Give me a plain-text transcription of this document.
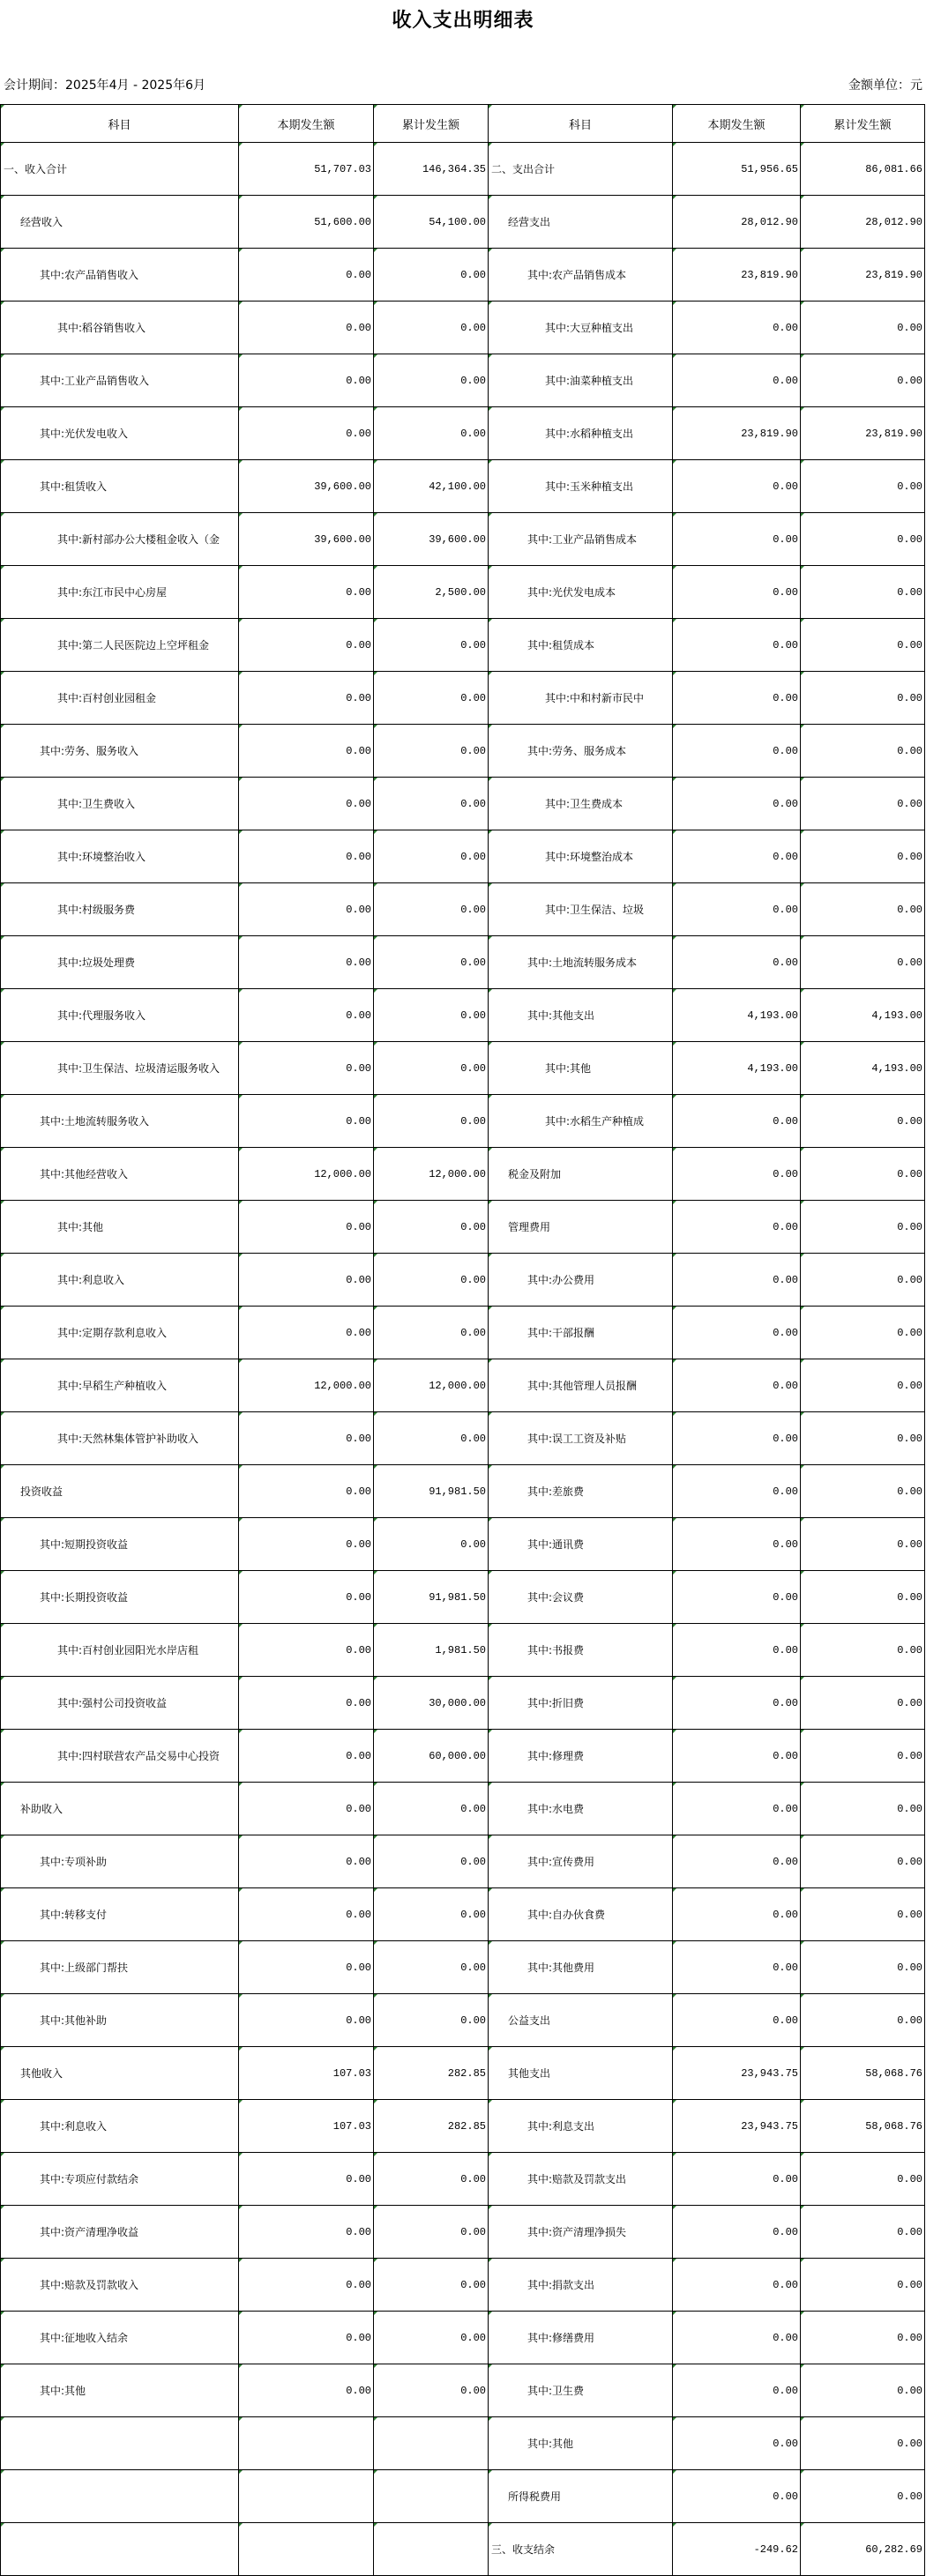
收入支出明细表
会计期间：2025年4月 - 2025年6月	金额单位：元
科目	本期发生额	累计发生额	科目	本期发生额	累计发生额
一、收入合计	51,707.03	146,364.35	二、支出合计	51,956.65	86,081.66
经营收入	51,600.00	54,100.00	经营支出	28,012.90	28,012.90
其中:农产品销售收入	0.00	0.00	其中:农产品销售成本	23,819.90	23,819.90
其中:稻谷销售收入	0.00	0.00	其中:大豆种植支出	0.00	0.00
其中:工业产品销售收入	0.00	0.00	其中:油菜种植支出	0.00	0.00
其中:光伏发电收入	0.00	0.00	其中:水稻种植支出	23,819.90	23,819.90
其中:租赁收入	39,600.00	42,100.00	其中:玉米种植支出	0.00	0.00
其中:新村部办公大楼租金收入（金	39,600.00	39,600.00	其中:工业产品销售成本	0.00	0.00
其中:东江市民中心房屋	0.00	2,500.00	其中:光伏发电成本	0.00	0.00
其中:第二人民医院边上空坪租金	0.00	0.00	其中:租赁成本	0.00	0.00
其中:百村创业园租金	0.00	0.00	其中:中和村新市民中	0.00	0.00
其中:劳务、服务收入	0.00	0.00	其中:劳务、服务成本	0.00	0.00
其中:卫生费收入	0.00	0.00	其中:卫生费成本	0.00	0.00
其中:环境整治收入	0.00	0.00	其中:环境整治成本	0.00	0.00
其中:村级服务费	0.00	0.00	其中:卫生保洁、垃圾	0.00	0.00
其中:垃圾处理费	0.00	0.00	其中:土地流转服务成本	0.00	0.00
其中:代理服务收入	0.00	0.00	其中:其他支出	4,193.00	4,193.00
其中:卫生保洁、垃圾清运服务收入	0.00	0.00	其中:其他	4,193.00	4,193.00
其中:土地流转服务收入	0.00	0.00	其中:水稻生产种植成	0.00	0.00
其中:其他经营收入	12,000.00	12,000.00	税金及附加	0.00	0.00
其中:其他	0.00	0.00	管理费用	0.00	0.00
其中:利息收入	0.00	0.00	其中:办公费用	0.00	0.00
其中:定期存款利息收入	0.00	0.00	其中:干部报酬	0.00	0.00
其中:早稻生产种植收入	12,000.00	12,000.00	其中:其他管理人员报酬	0.00	0.00
其中:天然林集体管护补助收入	0.00	0.00	其中:误工工资及补贴	0.00	0.00
投资收益	0.00	91,981.50	其中:差旅费	0.00	0.00
其中:短期投资收益	0.00	0.00	其中:通讯费	0.00	0.00
其中:长期投资收益	0.00	91,981.50	其中:会议费	0.00	0.00
其中:百村创业园阳光水岸店租	0.00	1,981.50	其中:书报费	0.00	0.00
其中:强村公司投资收益	0.00	30,000.00	其中:折旧费	0.00	0.00
其中:四村联营农产品交易中心投资	0.00	60,000.00	其中:修理费	0.00	0.00
补助收入	0.00	0.00	其中:水电费	0.00	0.00
其中:专项补助	0.00	0.00	其中:宣传费用	0.00	0.00
其中:转移支付	0.00	0.00	其中:自办伙食费	0.00	0.00
其中:上级部门帮扶	0.00	0.00	其中:其他费用	0.00	0.00
其中:其他补助	0.00	0.00	公益支出	0.00	0.00
其他收入	107.03	282.85	其他支出	23,943.75	58,068.76
其中:利息收入	107.03	282.85	其中:利息支出	23,943.75	58,068.76
其中:专项应付款结余	0.00	0.00	其中:赔款及罚款支出	0.00	0.00
其中:资产清理净收益	0.00	0.00	其中:资产清理净损失	0.00	0.00
其中:赔款及罚款收入	0.00	0.00	其中:捐款支出	0.00	0.00
其中:征地收入结余	0.00	0.00	其中:修缮费用	0.00	0.00
其中:其他	0.00	0.00	其中:卫生费	0.00	0.00
			其中:其他	0.00	0.00
			所得税费用	0.00	0.00
			三、收支结余	-249.62	60,282.69
